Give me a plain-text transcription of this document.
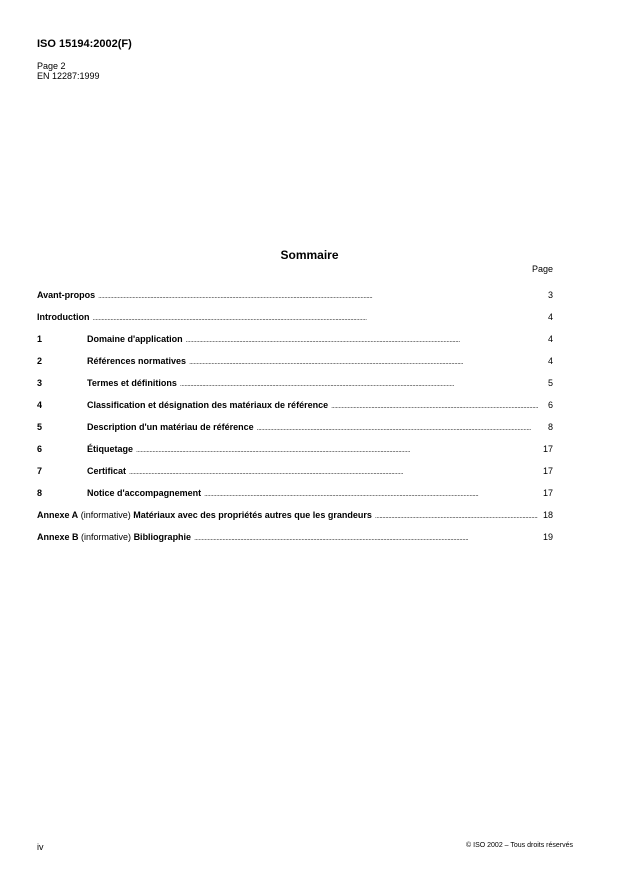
ISO 15194:2002(F)
Page 2
EN 12287:1999
Sommaire
Page
Avant-propos . . .	3
Introduction . . .	4
1	Domaine d'application . . .	4
2	Références normatives . . .	4
3	Termes et définitions . . .	5
4	Classification et désignation des matériaux de référence . . .	6
5	Description d'un matériau de référence . . .	8
6	Étiquetage . . .	17
7	Certificat . . .	17
8	Notice d'accompagnement . . .	17
Annexe A (informative) Matériaux avec des propriétés autres que les grandeurs . . .	18
Annexe B (informative) Bibliographie . . .	19
iv	© ISO 2002 – Tous droits réservés
